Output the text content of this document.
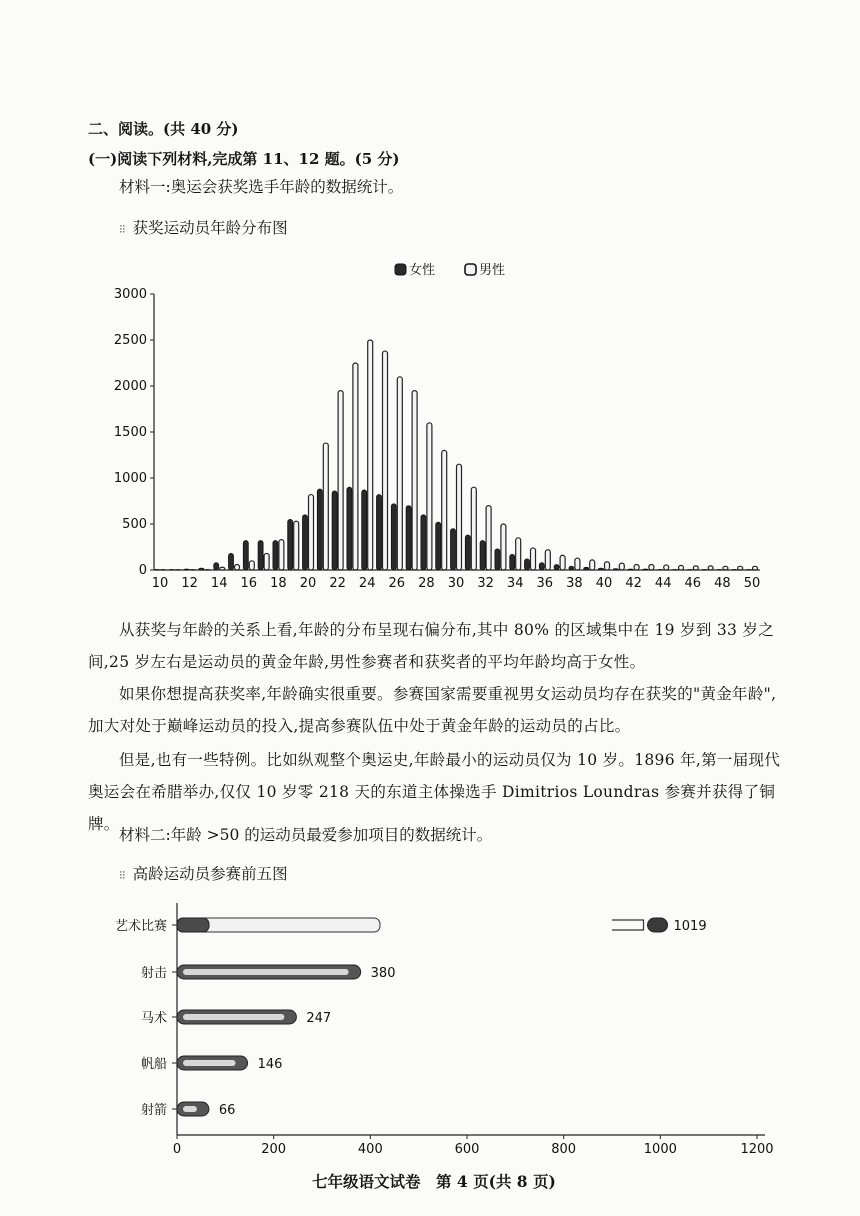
二、阅读。(共 40 分)

(一)阅读下列材料,完成第 11、12 题。(5 分)

材料一:奥运会获奖选手年龄的数据统计。

⁝⁝ 获奖运动员年龄分布图
女性	男性
0
500
1000
1500
2000
2500
3000
10 12 14 16 18 20 22 24 26 28 30 32 34 36 38 40 42 44 46 48 50

从获奖与年龄的关系上看,年龄的分布呈现右偏分布,其中 80% 的区域集中在 19 岁到 33 岁之间,25 岁左右是运动员的黄金年龄,男性参赛者和获奖者的平均年龄均高于女性。

如果你想提高获奖率,年龄确实很重要。参赛国家需要重视男女运动员均存在获奖的"黄金年龄",加大对处于巅峰运动员的投入,提高参赛队伍中处于黄金年龄的运动员的占比。

但是,也有一些特例。比如纵观整个奥运史,年龄最小的运动员仅为 10 岁。1896 年,第一届现代奥运会在希腊举办,仅仅 10 岁零 218 天的东道主体操选手 Dimitrios Loundras 参赛并获得了铜牌。

材料二:年龄 >50 的运动员最爱参加项目的数据统计。

⁝⁝ 高龄运动员参赛前五图
0	200	400	600	800	1000	1200
艺术比赛	1019
射击	380
马术	247
帆船	146
射箭	66

七年级语文试卷　第 4 页(共 8 页)
